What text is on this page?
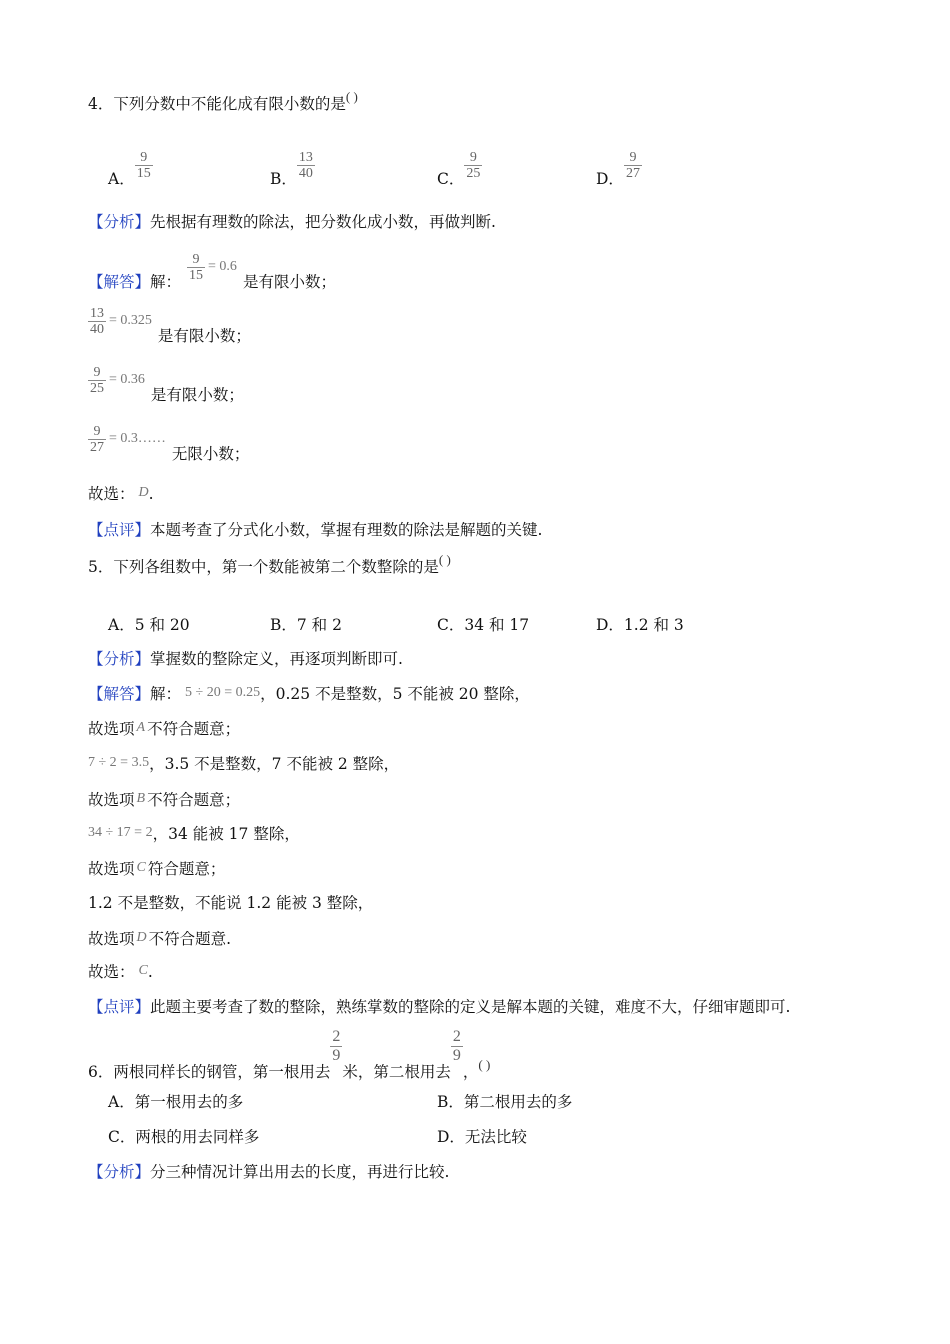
4．下列分数中不能化成有限小数的是( )
A． $\frac{9}{15}$	B． $\frac{13}{40}$	C． $\frac{9}{25}$	D． $\frac{9}{27}$
【分析】先根据有理数的除法，把分数化成小数，再做判断.
【解答】解： $\frac{9}{15} = 0.6$是有限小数；
$\frac{13}{40} = 0.325$是有限小数；
$\frac{9}{25} = 0.36$是有限小数；
$\frac{9}{27}$ = 0.3……无限小数；
故选： D.
【点评】本题考查了分式化小数，掌握有理数的除法是解题的关键.
5．下列各组数中，第一个数能被第二个数整除的是( )
A．5 和 20	B．7 和 2	C．34 和 17	D．1.2 和 3
【分析】掌握数的整除定义，再逐项判断即可.
【解答】解： 5 ÷ 20 = 0.25，0.25 不是整数，5 不能被 20 整除，
故选项 A 不符合题意；
7 ÷ 2 = 3.5，3.5 不是整数，7 不能被 2 整除，
故选项 B 不符合题意；
34 ÷ 17 = 2，34 能被 17 整除，
故选项 C 符合题意；
1.2 不是整数，不能说 1.2 能被 3 整除，
故选项 D 不符合题意.
故选： C.
【点评】此题主要考查了数的整除，熟练掌数的整除的定义是解本题的关键，难度不大，仔细审题即可.
6．两根同样长的钢管，第一根用去
$\frac{2}{9}$
米，第二根用去
$\frac{2}{9}$
，$_{( )}$
A．第一根用去的多	B．第二根用去的多
C．两根的用去同样多	D．无法比较
【分析】分三种情况计算出用去的长度，再进行比较.
